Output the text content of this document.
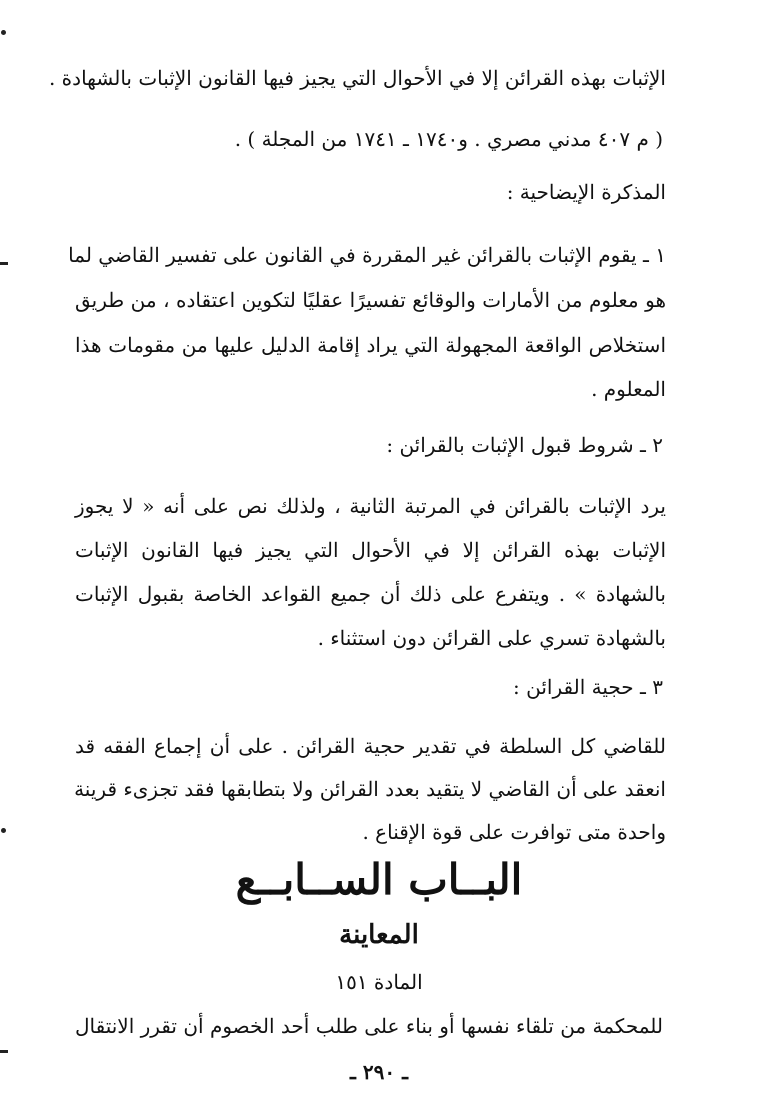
الإثبات بهذه القرائن إلا في الأحوال التي يجيز فيها القانون الإثبات بالشهادة .
( م ٤٠٧ مدني مصري . و١٧٤٠ ـ ١٧٤١ من المجلة ) .
المذكرة الإيضاحية :
١ ـ يقوم الإثبات بالقرائن غير المقررة في القانون على تفسير القاضي لما
هو معلوم من الأمارات والوقائع تفسيرًا عقليًا لتكوين اعتقاده ، من طريق
استخلاص الواقعة المجهولة التي يراد إقامة الدليل عليها من مقومات هذا
المعلوم .
٢ ـ شروط قبول الإثبات بالقرائن :
يرد الإثبات بالقرائن في المرتبة الثانية ، ولذلك نص على أنه « لا يجوز
الإثبات بهذه القرائن إلا في الأحوال التي يجيز فيها القانون الإثبات
بالشهادة » . ويتفرع على ذلك أن جميع القواعد الخاصة بقبول الإثبات
بالشهادة تسري على القرائن دون استثناء .
٣ ـ حجية القرائن :
للقاضي كل السلطة في تقدير حجية القرائن . على أن إجماع الفقه قد
انعقد على أن القاضي لا يتقيد بعدد القرائن ولا بتطابقها فقد تجزىء قرينة
واحدة متى توافرت على قوة الإقناع .
البــاب الســابــع
المعاينة
المادة ١٥١
للمحكمة من تلقاء نفسها أو بناء على طلب أحد الخصوم أن تقرر الانتقال
ـ ٢٩٠ ـ
